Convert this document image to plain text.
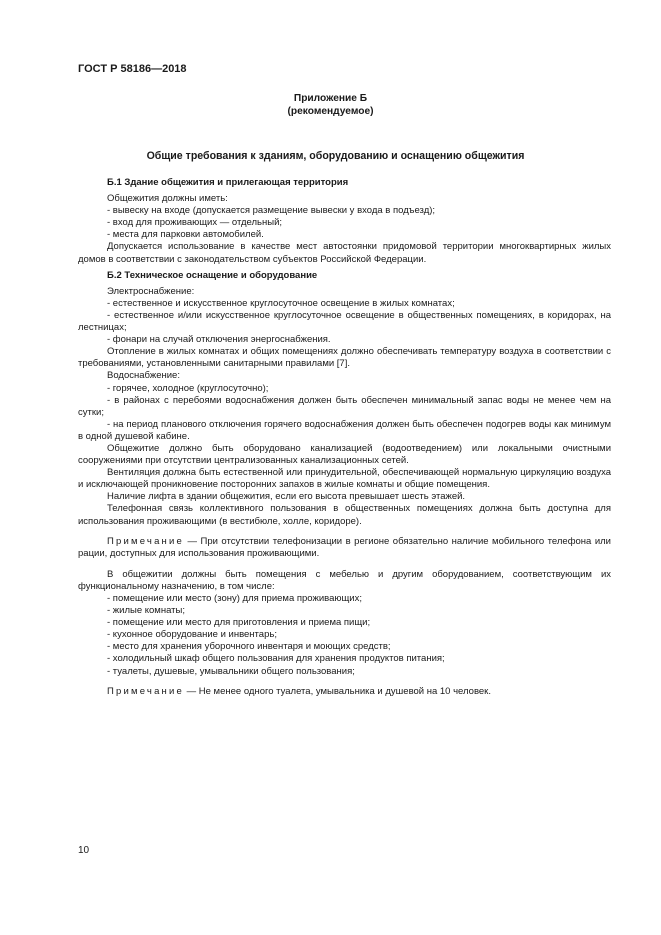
ГОСТ Р 58186—2018
Приложение Б
(рекомендуемое)
Общие требования к зданиям, оборудованию и оснащению общежития

Б.1 Здание общежития и прилегающая территория

Общежития должны иметь:

- вывеску на входе (допускается размещение вывески у входа в подъезд);

- вход для проживающих — отдельный;

- места для парковки автомобилей.

Допускается использование в качестве мест автостоянки придомовой территории многоквартирных жилых домов в соответствии с законодательством субъектов Российской Федерации.

Б.2 Техническое оснащение и оборудование

Электроснабжение:

- естественное и искусственное круглосуточное освещение в жилых комнатах;

- естественное и/или искусственное круглосуточное освещение в общественных помещениях, в коридорах, на лестницах;

- фонари на случай отключения энергоснабжения.

Отопление в жилых комнатах и общих помещениях должно обеспечивать температуру воздуха в соответствии с требованиями, установленными санитарными правилами [7].

Водоснабжение:

- горячее, холодное (круглосуточно);

- в районах с перебоями водоснабжения должен быть обеспечен минимальный запас воды не менее чем на сутки;

- на период планового отключения горячего водоснабжения должен быть обеспечен подогрев воды как минимум в одной душевой кабине.

Общежитие должно быть оборудовано канализацией (водоотведением) или локальными очистными сооружениями при отсутствии централизованных канализационных сетей.

Вентиляция должна быть естественной или принудительной, обеспечивающей нормальную циркуляцию воздуха и исключающей проникновение посторонних запахов в жилые комнаты и общие помещения.

Наличие лифта в здании общежития, если его высота превышает шесть этажей.

Телефонная связь коллективного пользования в общественных помещениях должна быть доступна для использования проживающими (в вестибюле, холле, коридоре).

Примечание — При отсутствии телефонизации в регионе обязательно наличие мобильного телефона или рации, доступных для использования проживающими.

В общежитии должны быть помещения с мебелью и другим оборудованием, соответствующим их функциональному назначению, в том числе:

- помещение или место (зону) для приема проживающих;

- жилые комнаты;

- помещение или место для приготовления и приема пищи;

- кухонное оборудование и инвентарь;

- место для хранения уборочного инвентаря и моющих средств;

- холодильный шкаф общего пользования для хранения продуктов питания;

- туалеты, душевые, умывальники общего пользования;

Примечание — Не менее одного туалета, умывальника и душевой на 10 человек.

10
